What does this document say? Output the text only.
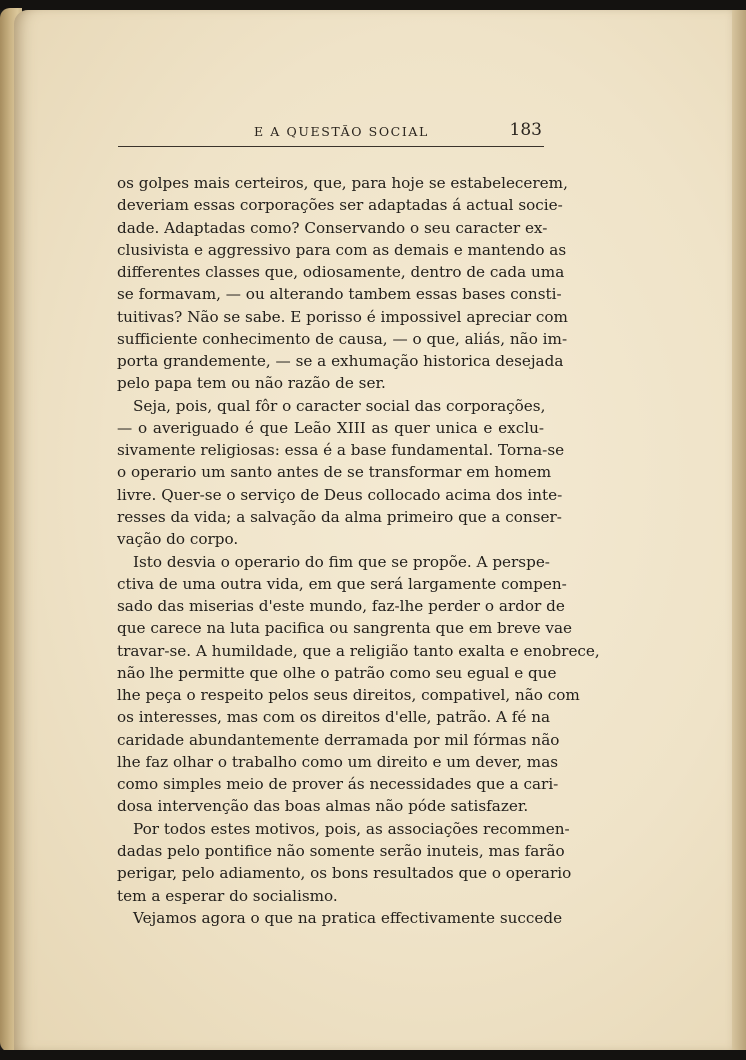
E A QUESTÃO SOCIAL	183
os golpes mais certeiros, que, para hoje se estabelecerem,
deveriam essas corporações ser adaptadas á actual socie-
dade. Adaptadas como? Conservando o seu caracter ex-
clusivista e aggressivo para com as demais e mantendo as
differentes classes que, odiosamente, dentro de cada uma
se formavam, — ou alterando tambem essas bases consti-
tuitivas? Não se sabe. E porisso é impossivel apreciar com
sufficiente conhecimento de causa, — o que, aliás, não im-
porta grandemente, — se a exhumação historica desejada
pelo papa tem ou não razão de ser.
Seja, pois, qual fôr o caracter social das corporações,
— o averiguado é que Leão XIII as quer unica e exclu-
sivamente religiosas: essa é a base fundamental. Torna-se
o operario um santo antes de se transformar em homem
livre. Quer-se o serviço de Deus collocado acima dos inte-
resses da vida; a salvação da alma primeiro que a conser-
vação do corpo.
Isto desvia o operario do fim que se propõe. A perspe-
ctiva de uma outra vida, em que será largamente compen-
sado das miserias d'este mundo, faz-lhe perder o ardor de
que carece na luta pacifica ou sangrenta que em breve vae
travar-se. A humildade, que a religião tanto exalta e enobrece,
não lhe permitte que olhe o patrão como seu egual e que
lhe peça o respeito pelos seus direitos, compativel, não com
os interesses, mas com os direitos d'elle, patrão. A fé na
caridade abundantemente derramada por mil fórmas não
lhe faz olhar o trabalho como um direito e um dever, mas
como simples meio de prover ás necessidades que a cari-
dosa intervenção das boas almas não póde satisfazer.
Por todos estes motivos, pois, as associações recommen-
dadas pelo pontifice não somente serão inuteis, mas farão
perigar, pelo adiamento, os bons resultados que o operario
tem a esperar do socialismo.
Vejamos agora o que na pratica effectivamente succede
